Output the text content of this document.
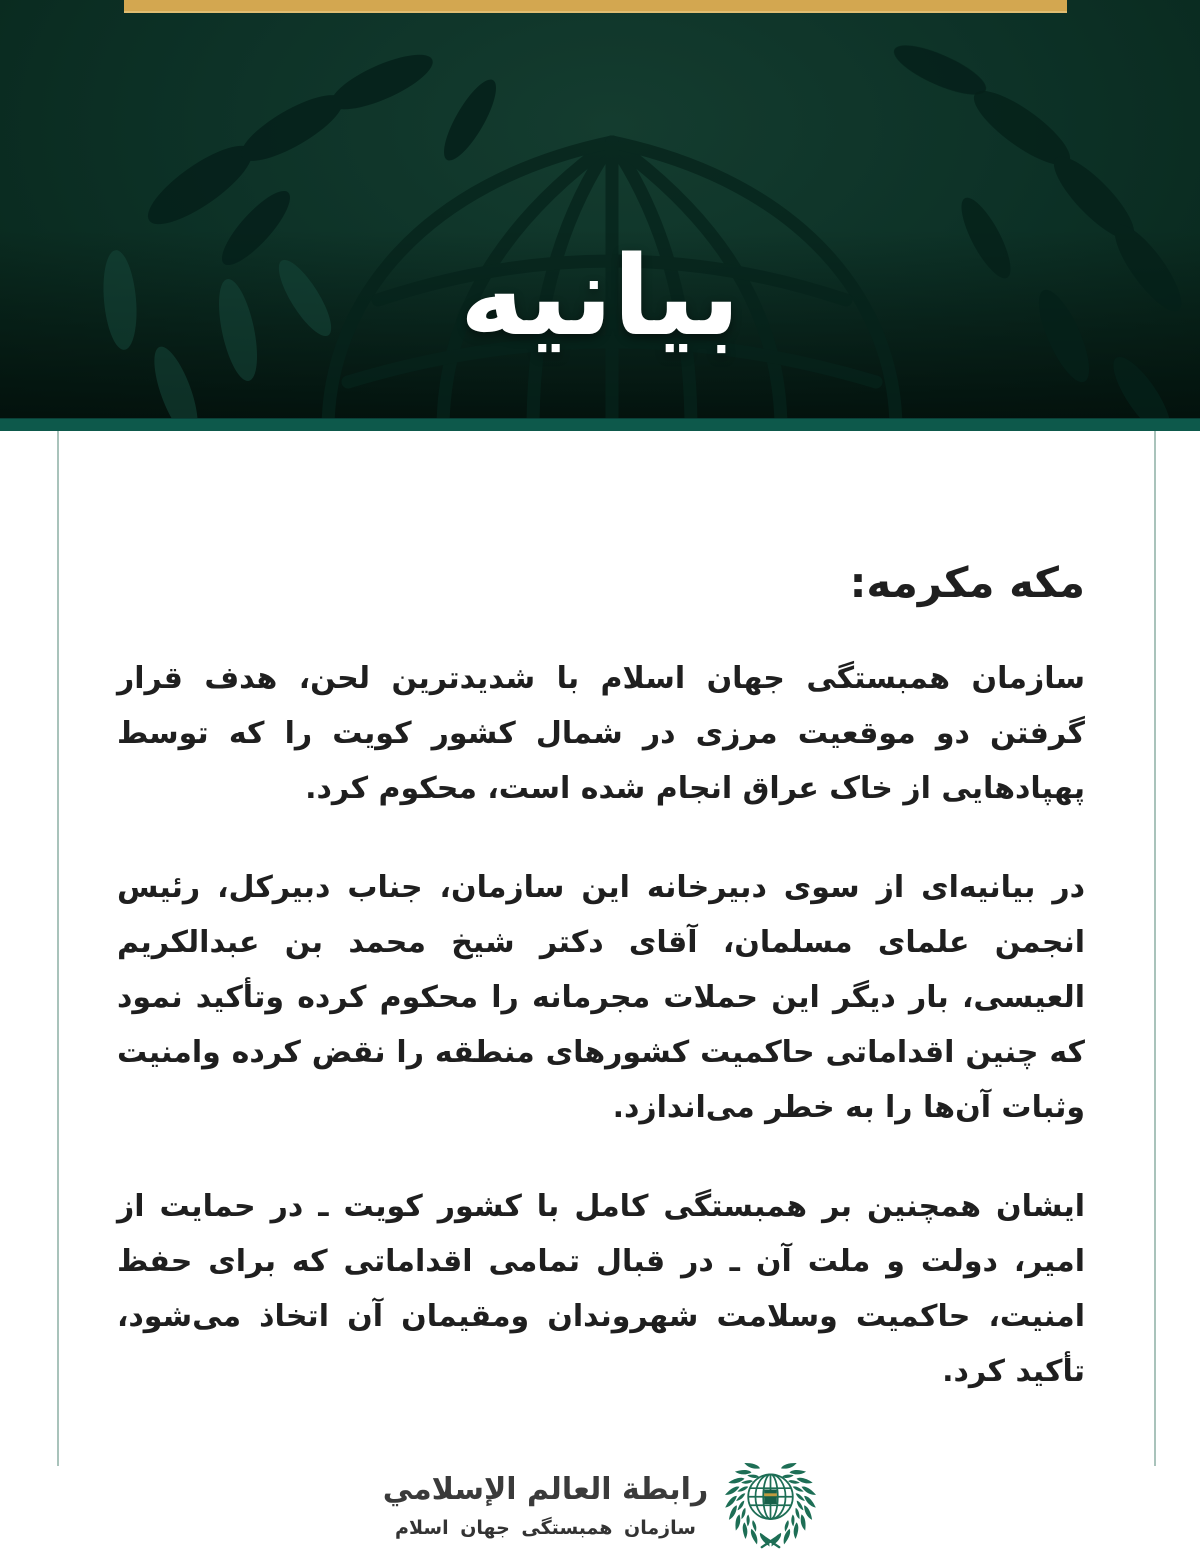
بیانیه
مکه مکرمه:

سازمان همبستگی جهان اسلام با شدیدترین لحن، هدف قرار گرفتن دو موقعیت مرزی در شمال کشور کویت را که توسط پهپادهایی از خاک عراق انجام شده است، محکوم کرد.

در بیانیه‌ای از سوی دبیرخانه این سازمان، جناب دبیرکل، رئیس انجمن علمای مسلمان، آقای دکتر شیخ محمد بن عبدالکریم العیسی، بار دیگر این حملات مجرمانه را محکوم کرده وتأکید نمود که چنین اقداماتی حاکمیت کشورهای منطقه را نقض کرده وامنیت وثبات آن‌ها را به خطر می‌اندازد.

ایشان همچنین بر همبستگی کامل با کشور کویت ـ در حمایت از امیر، دولت و ملت آن ـ در قبال تمامی اقداماتی که برای حفظ امنیت، حاکمیت وسلامت شهروندان ومقیمان آن اتخاذ می‌شود، تأکید کرد.

رابطة العالم الإسلامي
سازمان همبستگی جهان اسلام
